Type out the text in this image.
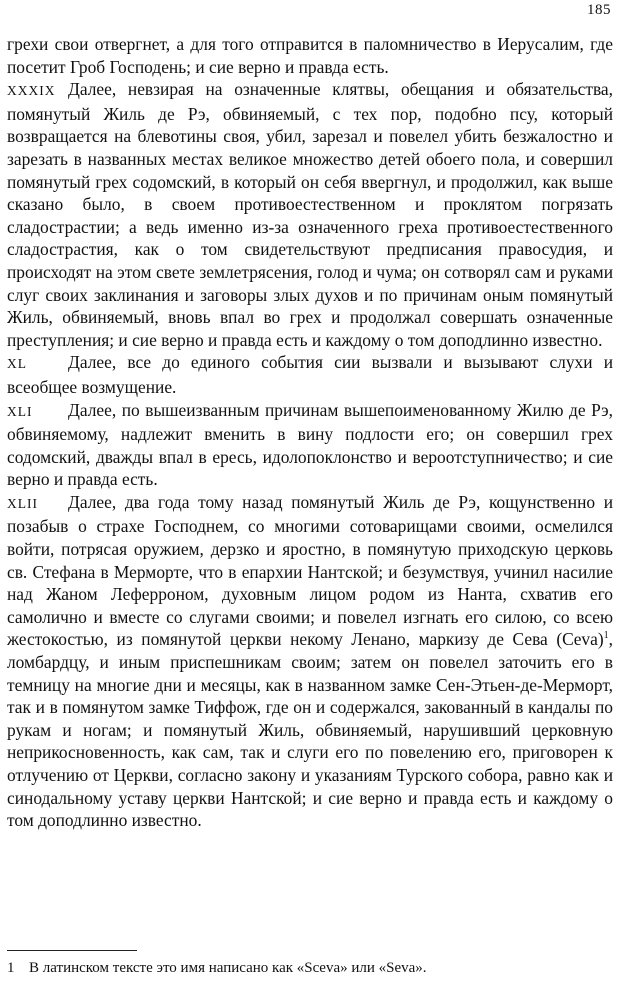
185

грехи свои отвергнет, а для того отправится в паломничество в Иерусалим, где посетит Гроб Господень; и сие верно и правда есть.

XXXIX Далее, невзирая на означенные клятвы, обещания и обязательства, помянутый Жиль де Рэ, обвиняемый, с тех пор, подобно псу, который возвращается на блевотины своя, убил, зарезал и повелел убить безжалостно и зарезать в названных местах великое множество детей обоего пола, и совершил помянутый грех содомский, в который он себя ввергнул, и продолжил, как выше сказано было, в своем противоестественном и проклятом погрязать сладострастии; а ведь именно из-за означенного греха противоестественного сладострастия, как о том свидетельствуют предписания правосудия, и происходят на этом свете землетрясения, голод и чума; он сотворял сам и руками слуг своих заклинания и заговоры злых духов и по причинам оным помянутый Жиль, обвиняемый, вновь впал во грех и продолжал совершать означенные преступления; и сие верно и правда есть и каждому о том доподлинно известно.

XL Далее, все до единого события сии вызвали и вызывают слухи и всеобщее возмущение.

XLI Далее, по вышеизванным причинам вышепоименованному Жилю де Рэ, обвиняемому, надлежит вменить в вину подлости его; он совершил грех содомский, дважды впал в ересь, идолопоклонство и вероотступничество; и сие верно и правда есть.

XLII Далее, два года тому назад помянутый Жиль де Рэ, кощунственно и позабыв о страхе Господнем, со многими сотоварищами своими, осмелился войти, потрясая оружием, дерзко и яростно, в помянутую приходскую церковь св. Стефана в Мерморте, что в епархии Нантской; и безумствуя, учинил насилие над Жаном Леферроном, духовным лицом родом из Нанта, схватив его самолично и вместе со слугами своими; и повелел изгнать его силою, со всею жестокостью, из помянутой церкви некому Ленано, маркизу де Сева (Ceva)$^1$, ломбардцу, и иным приспешникам своим; затем он повелел заточить его в темницу на многие дни и месяцы, как в названном замке Сен-Этьен-де-Мерморт, так и в помянутом замке Тиффож, где он и содержался, закованный в кандалы по рукам и ногам; и помянутый Жиль, обвиняемый, нарушивший церковную неприкосновенность, как сам, так и слуги его по повелению его, приговорен к отлучению от Церкви, согласно закону и указаниям Турского собора, равно как и синодальному уставу церкви Нантской; и сие верно и правда есть и каждому о том доподлинно известно.

1 В латинском тексте это имя написано как «Sceva» или «Seva».
